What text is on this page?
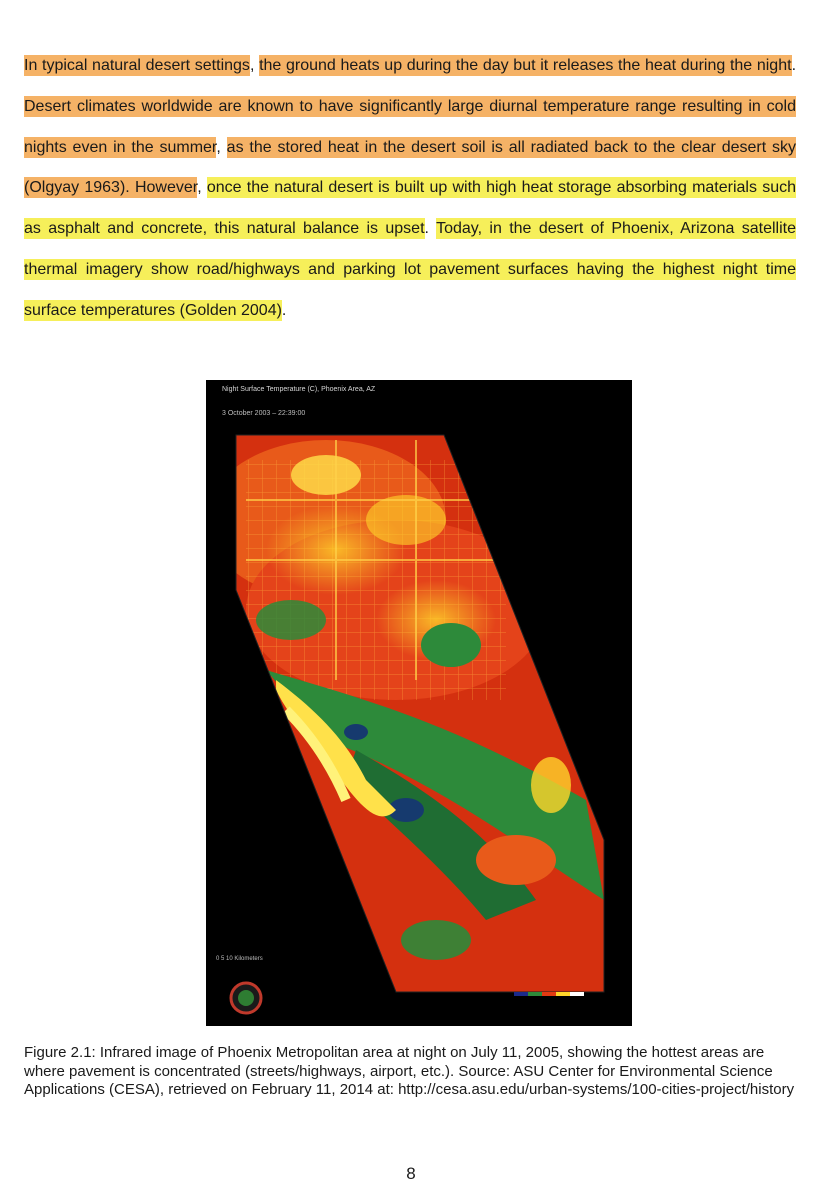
In typical natural desert settings, the ground heats up during the day but it releases the heat during the night. Desert climates worldwide are known to have significantly large diurnal temperature range resulting in cold nights even in the summer, as the stored heat in the desert soil is all radiated back to the clear desert sky (Olgyay 1963). However, once the natural desert is built up with high heat storage absorbing materials such as asphalt and concrete, this natural balance is upset. Today, in the desert of Phoenix, Arizona satellite thermal imagery show road/highways and parking lot pavement surfaces having the highest night time surface temperatures (Golden 2004).
Night Surface Temperature (C), Phoenix Area, AZ
3 October 2003 – 22:39:00
0 5 10 Kilometers
Figure 2.1: Infrared image of Phoenix Metropolitan area at night on July 11, 2005, showing the hottest areas are where pavement is concentrated (streets/highways, airport, etc.). Source: ASU Center for Environmental Science Applications (CESA), retrieved on February 11, 2014 at: http://cesa.asu.edu/urban-systems/100-cities-project/history
8
